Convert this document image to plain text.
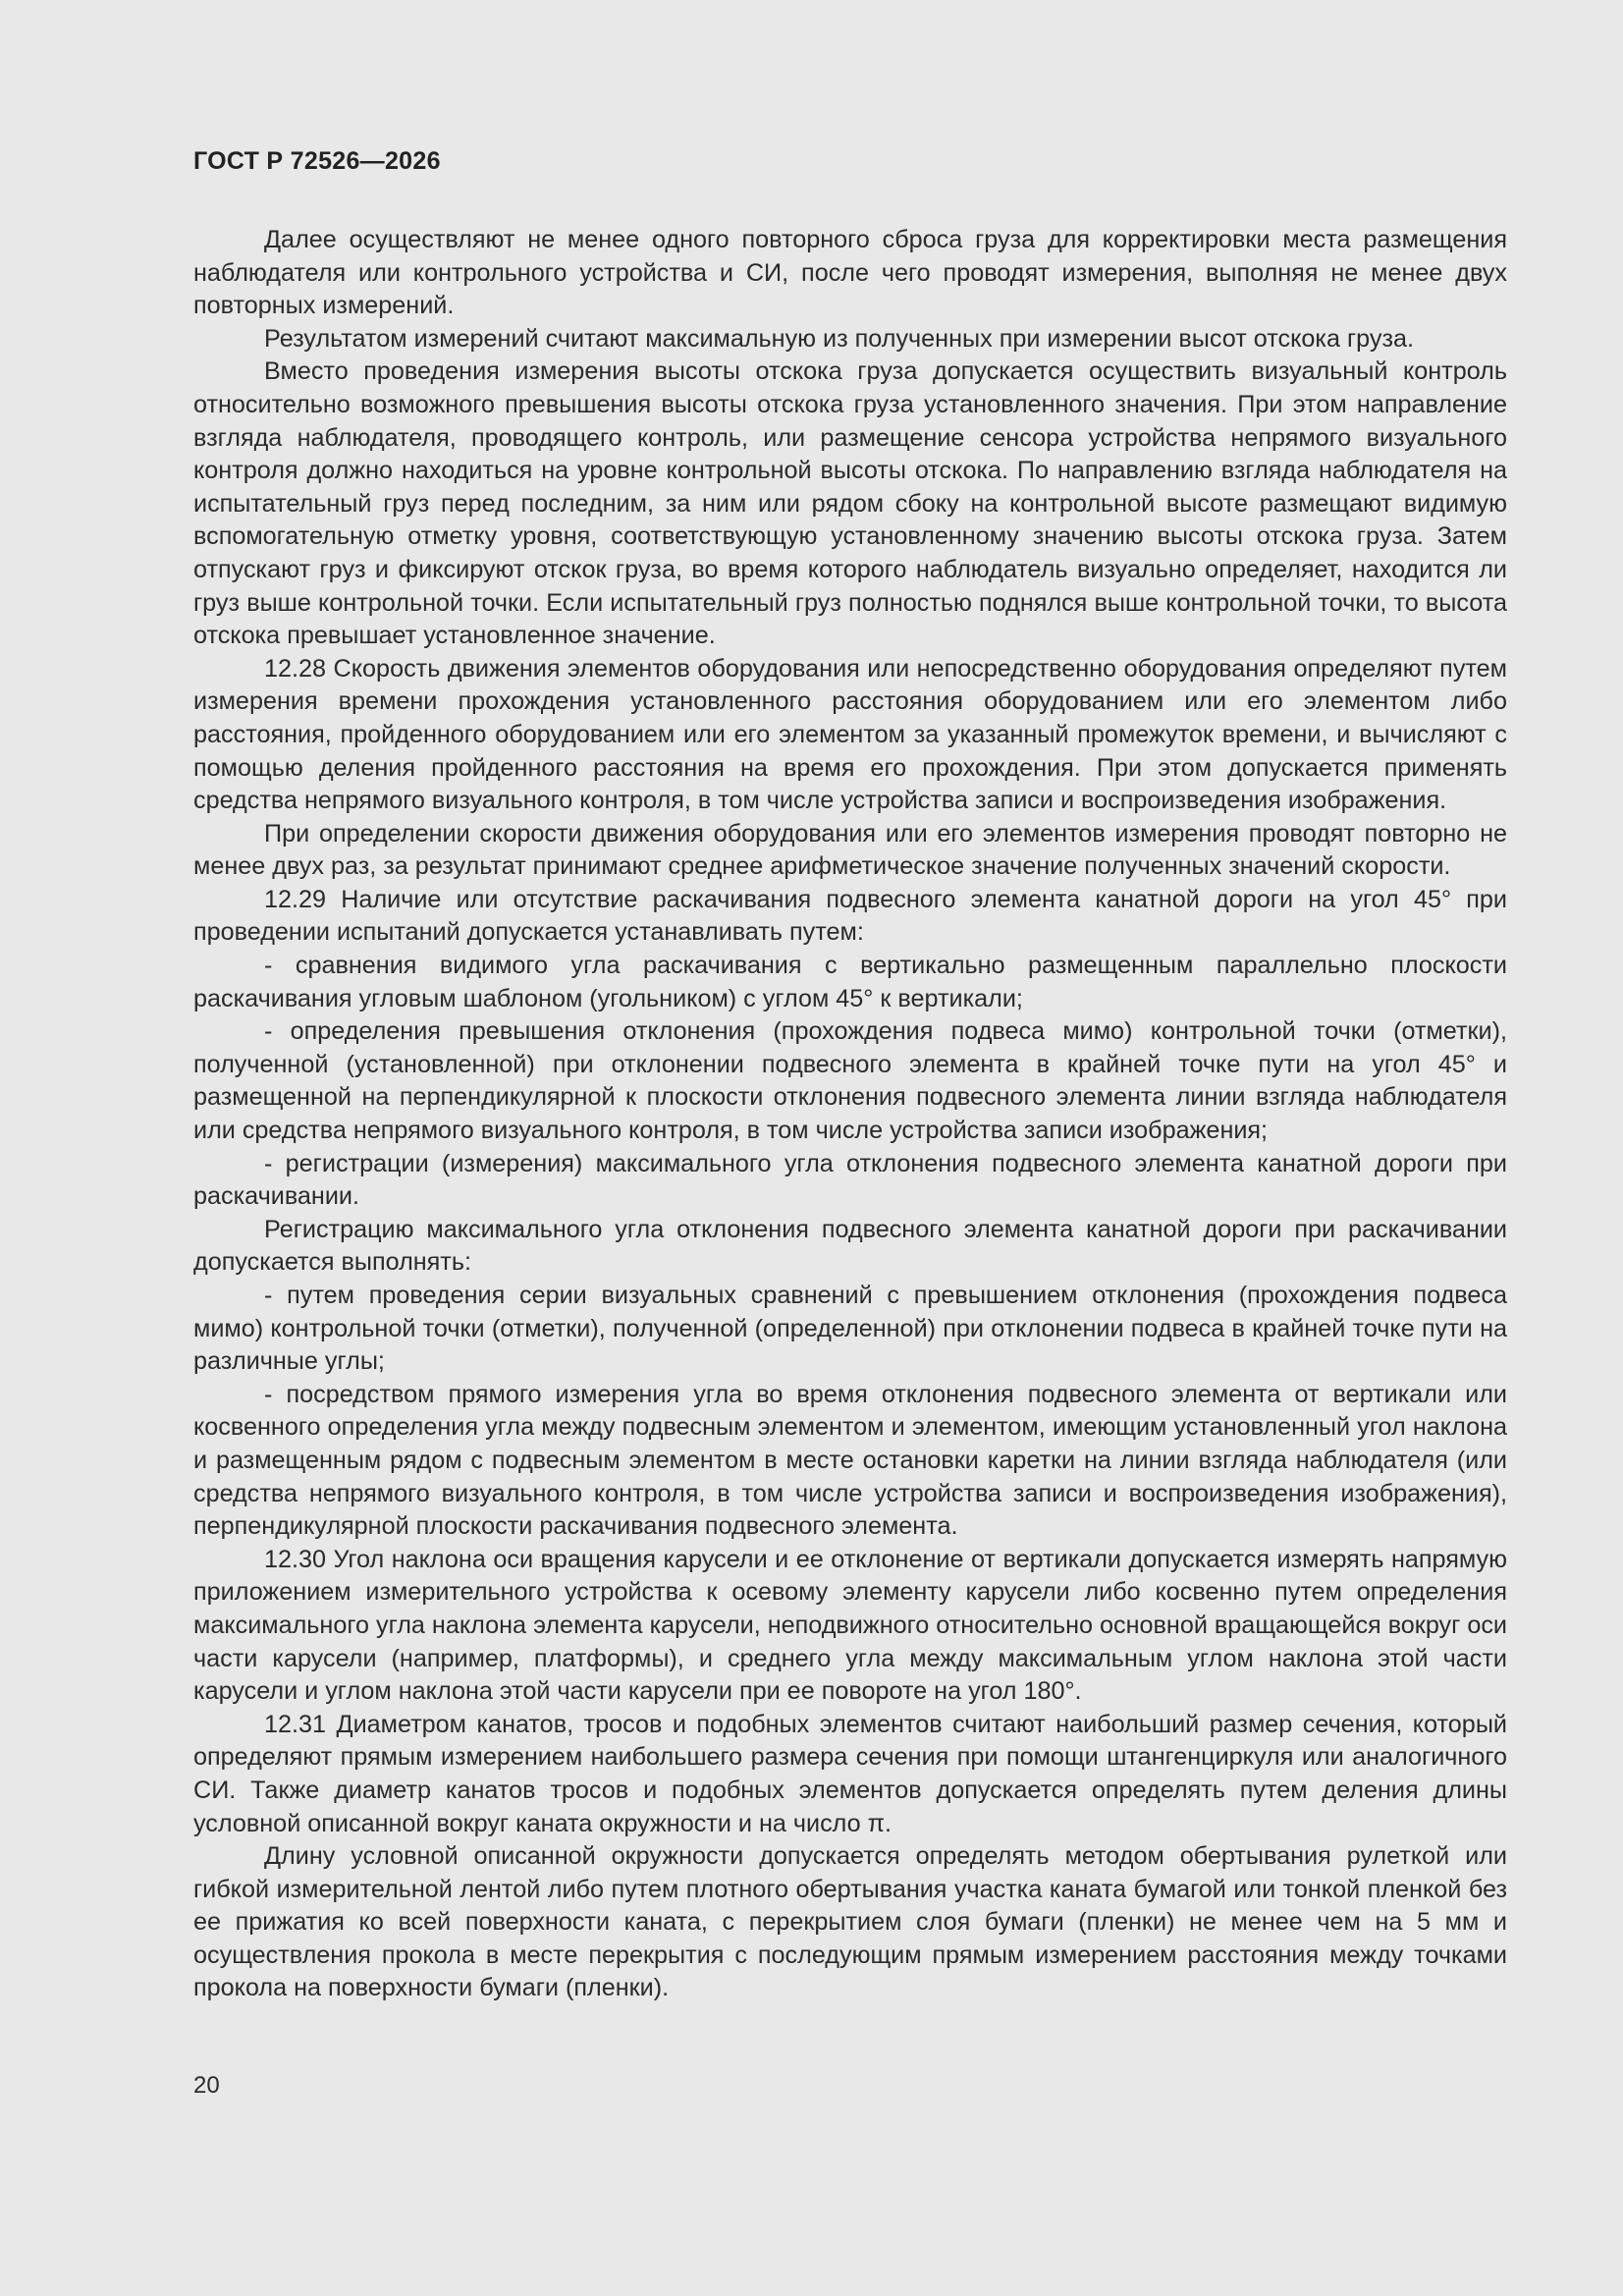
ГОСТ Р 72526—2026

Далее осуществляют не менее одного повторного сброса груза для корректировки места размещения наблюдателя или контрольного устройства и СИ, после чего проводят измерения, выполняя не менее двух повторных измерений.

Результатом измерений считают максимальную из полученных при измерении высот отскока груза.

Вместо проведения измерения высоты отскока груза допускается осуществить визуальный контроль относительно возможного превышения высоты отскока груза установленного значения. При этом направление взгляда наблюдателя, проводящего контроль, или размещение сенсора устройства непрямого визуального контроля должно находиться на уровне контрольной высоты отскока. По направлению взгляда наблюдателя на испытательный груз перед последним, за ним или рядом сбоку на контрольной высоте размещают видимую вспомогательную отметку уровня, соответствующую установленному значению высоты отскока груза. Затем отпускают груз и фиксируют отскок груза, во время которого наблюдатель визуально определяет, находится ли груз выше контрольной точки. Если испытательный груз полностью поднялся выше контрольной точки, то высота отскока превышает установленное значение.

12.28 Скорость движения элементов оборудования или непосредственно оборудования определяют путем измерения времени прохождения установленного расстояния оборудованием или его элементом либо расстояния, пройденного оборудованием или его элементом за указанный промежуток времени, и вычисляют с помощью деления пройденного расстояния на время его прохождения. При этом допускается применять средства непрямого визуального контроля, в том числе устройства записи и воспроизведения изображения.

При определении скорости движения оборудования или его элементов измерения проводят повторно не менее двух раз, за результат принимают среднее арифметическое значение полученных значений скорости.

12.29 Наличие или отсутствие раскачивания подвесного элемента канатной дороги на угол 45° при проведении испытаний допускается устанавливать путем:

- сравнения видимого угла раскачивания с вертикально размещенным параллельно плоскости раскачивания угловым шаблоном (угольником) с углом 45° к вертикали;

- определения превышения отклонения (прохождения подвеса мимо) контрольной точки (отметки), полученной (установленной) при отклонении подвесного элемента в крайней точке пути на угол 45° и размещенной на перпендикулярной к плоскости отклонения подвесного элемента линии взгляда наблюдателя или средства непрямого визуального контроля, в том числе устройства записи изображения;

- регистрации (измерения) максимального угла отклонения подвесного элемента канатной дороги при раскачивании.

Регистрацию максимального угла отклонения подвесного элемента канатной дороги при раскачивании допускается выполнять:

- путем проведения серии визуальных сравнений с превышением отклонения (прохождения подвеса мимо) контрольной точки (отметки), полученной (определенной) при отклонении подвеса в крайней точке пути на различные углы;

- посредством прямого измерения угла во время отклонения подвесного элемента от вертикали или косвенного определения угла между подвесным элементом и элементом, имеющим установленный угол наклона и размещенным рядом с подвесным элементом в месте остановки каретки на линии взгляда наблюдателя (или средства непрямого визуального контроля, в том числе устройства записи и воспроизведения изображения), перпендикулярной плоскости раскачивания подвесного элемента.

12.30 Угол наклона оси вращения карусели и ее отклонение от вертикали допускается измерять напрямую приложением измерительного устройства к осевому элементу карусели либо косвенно путем определения максимального угла наклона элемента карусели, неподвижного относительно основной вращающейся вокруг оси части карусели (например, платформы), и среднего угла между максимальным углом наклона этой части карусели и углом наклона этой части карусели при ее повороте на угол 180°.

12.31 Диаметром канатов, тросов и подобных элементов считают наибольший размер сечения, который определяют прямым измерением наибольшего размера сечения при помощи штангенциркуля или аналогичного СИ. Также диаметр канатов тросов и подобных элементов допускается определять путем деления длины условной описанной вокруг каната окружности и на число π.

Длину условной описанной окружности допускается определять методом обертывания рулеткой или гибкой измерительной лентой либо путем плотного обертывания участка каната бумагой или тонкой пленкой без ее прижатия ко всей поверхности каната, с перекрытием слоя бумаги (пленки) не менее чем на 5 мм и осуществления прокола в месте перекрытия с последующим прямым измерением расстояния между точками прокола на поверхности бумаги (пленки).

20
